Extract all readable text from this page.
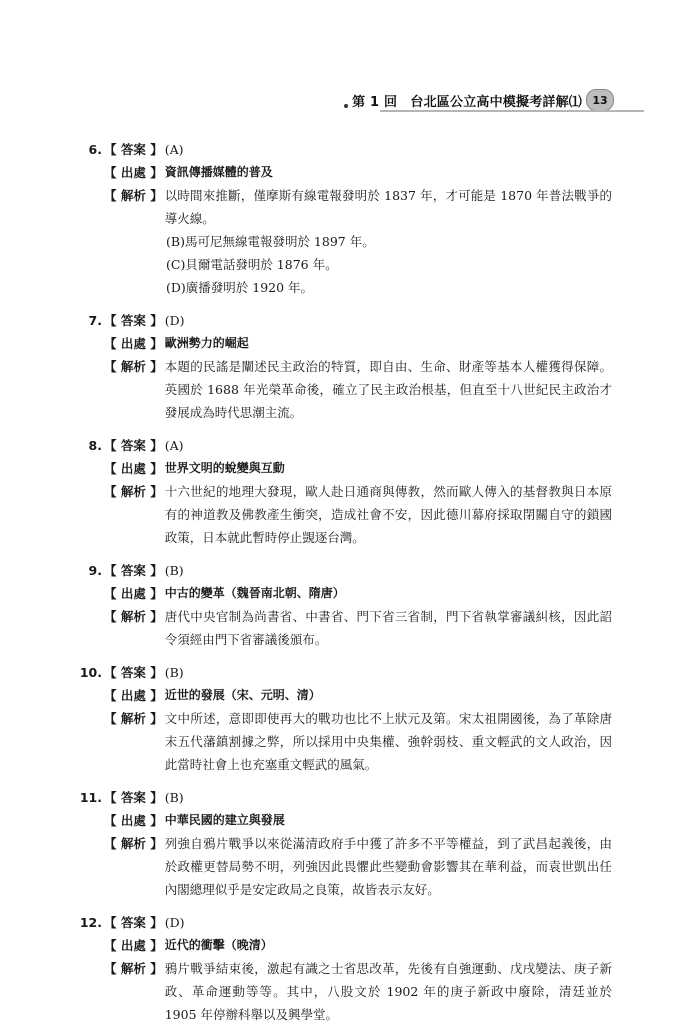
第 1 回　台北區公立高中模擬考詳解⑴ 13
6. 【 答案 】 (A)
【 出處 】 資訊傳播媒體的普及
【 解析 】 以時間來推斷，僅摩斯有線電報發明於 1837 年，才可能是 1870 年普法戰爭的導火線。

(B)馬可尼無線電報發明於 1897 年。
(C)貝爾電話發明於 1876 年。
(D)廣播發明於 1920 年。
7. 【 答案 】 (D)
【 出處 】 歐洲勢力的崛起
【 解析 】 本題的民謠是闡述民主政治的特質，即自由、生命、財產等基本人權獲得保障。英國於 1688 年光榮革命後，確立了民主政治根基，但直至十八世紀民主政治才發展成為時代思潮主流。

8. 【 答案 】 (A)
【 出處 】 世界文明的蛻變與互動
【 解析 】 十六世紀的地理大發現，歐人赴日通商與傳教，然而歐人傳入的基督教與日本原有的神道教及佛教產生衝突，造成社會不安，因此德川幕府採取閉關自守的鎖國政策，日本就此暫時停止覬逐台灣。

9. 【 答案 】 (B)
【 出處 】 中古的變革（魏晉南北朝、隋唐）
【 解析 】 唐代中央官制為尚書省、中書省、門下省三省制，門下省執掌審議糾核，因此詔令須經由門下省審議後頒布。

10. 【 答案 】 (B)
【 出處 】 近世的發展（宋、元明、清）
【 解析 】 文中所述，意即即使再大的戰功也比不上狀元及第。宋太祖開國後，為了革除唐末五代藩鎮割據之弊，所以採用中央集權、強幹弱枝、重文輕武的文人政治，因此當時社會上也充塞重文輕武的風氣。

11. 【 答案 】 (B)
【 出處 】 中華民國的建立與發展
【 解析 】 列強自鴉片戰爭以來從滿清政府手中獲了許多不平等權益，到了武昌起義後，由於政權更替局勢不明，列強因此畏懼此些變動會影響其在華利益，而袁世凱出任內閣總理似乎是安定政局之良策，故皆表示友好。

12. 【 答案 】 (D)
【 出處 】 近代的衝擊（晚清）
【 解析 】 鴉片戰爭結束後，激起有識之士省思改革，先後有自強運動、戊戌變法、庚子新政、革命運動等等。其中，八股文於 1902 年的庚子新政中廢除，清廷並於 1905 年停辦科舉以及興學堂。
